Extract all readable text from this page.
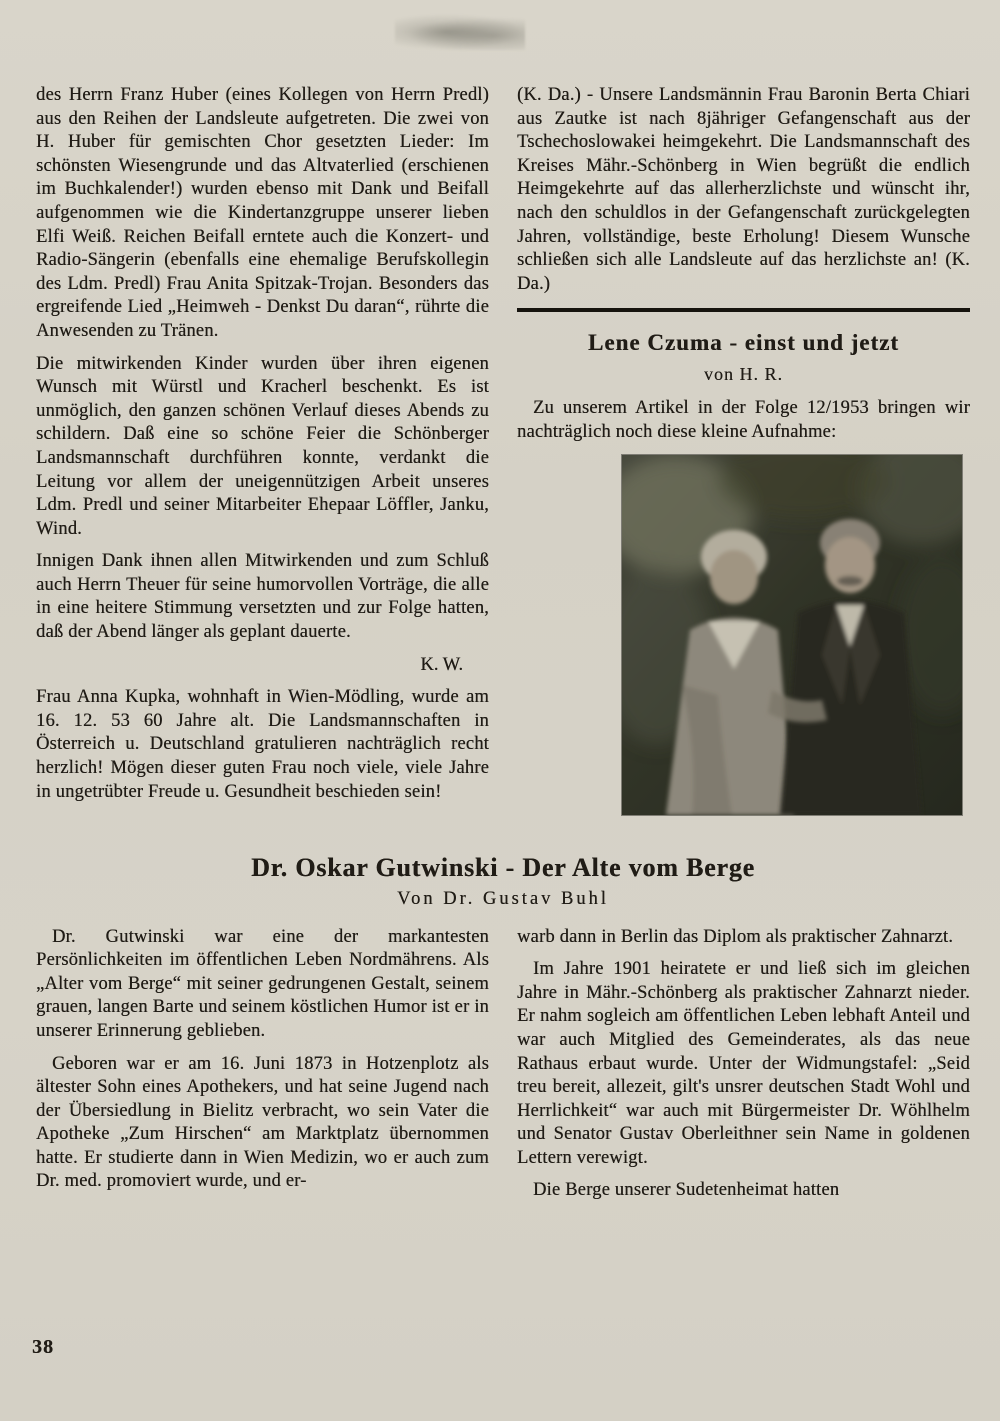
des Herrn Franz Huber (eines Kollegen von Herrn Predl) aus den Reihen der Landsleute aufgetreten. Die zwei von H. Huber für gemischten Chor gesetzten Lieder: Im schönsten Wiesengrunde und das Altvaterlied (erschienen im Buchkalender!) wurden ebenso mit Dank und Beifall aufgenommen wie die Kindertanzgruppe unserer lieben Elfi Weiß. Reichen Beifall erntete auch die Konzert- und Radio-Sängerin (ebenfalls eine ehemalige Berufskollegin des Ldm. Predl) Frau Anita Spitzak-Trojan. Besonders das ergreifende Lied „Heimweh - Denkst Du daran“, rührte die Anwesenden zu Tränen.

Die mitwirkenden Kinder wurden über ihren eigenen Wunsch mit Würstl und Kracherl beschenkt. Es ist unmöglich, den ganzen schönen Verlauf dieses Abends zu schildern. Daß eine so schöne Feier die Schönberger Landsmannschaft durchführen konnte, verdankt die Leitung vor allem der uneigennützigen Arbeit unseres Ldm. Predl und seiner Mitarbeiter Ehepaar Löffler, Janku, Wind.

Innigen Dank ihnen allen Mitwirkenden und zum Schluß auch Herrn Theuer für seine humorvollen Vorträge, die alle in eine heitere Stimmung versetzten und zur Folge hatten, daß der Abend länger als geplant dauerte.

K. W.

Frau Anna Kupka, wohnhaft in Wien-Mödling, wurde am 16. 12. 53 60 Jahre alt. Die Landsmannschaften in Österreich u. Deutschland gratulieren nachträglich recht herzlich! Mögen dieser guten Frau noch viele, viele Jahre in ungetrübter Freude u. Gesundheit beschieden sein!

(K. Da.) - Unsere Landsmännin Frau Baronin Berta Chiari aus Zautke ist nach 8jähriger Gefangenschaft aus der Tschechoslowakei heimgekehrt. Die Landsmannschaft des Kreises Mähr.-Schönberg in Wien begrüßt die endlich Heimgekehrte auf das allerherzlichste und wünscht ihr, nach den schuldlos in der Gefangenschaft zurückgelegten Jahren, vollständige, beste Erholung! Diesem Wunsche schließen sich alle Landsleute auf das herzlichste an! (K. Da.)

Lene Czuma - einst und jetzt
von H. R.

Zu unserem Artikel in der Folge 12/1953 bringen wir nachträglich noch diese kleine Aufnahme:

Dr. Oskar Gutwinski - Der Alte vom Berge
Von Dr. Gustav Buhl

Dr. Gutwinski war eine der markantesten Persönlichkeiten im öffentlichen Leben Nordmährens. Als „Alter vom Berge“ mit seiner gedrungenen Gestalt, seinem grauen, langen Barte und seinem köstlichen Humor ist er in unserer Erinnerung geblieben.

Geboren war er am 16. Juni 1873 in Hotzenplotz als ältester Sohn eines Apothekers, und hat seine Jugend nach der Übersiedlung in Bielitz verbracht, wo sein Vater die Apotheke „Zum Hirschen“ am Marktplatz übernommen hatte. Er studierte dann in Wien Medizin, wo er auch zum Dr. med. promoviert wurde, und er-

warb dann in Berlin das Diplom als praktischer Zahnarzt.

Im Jahre 1901 heiratete er und ließ sich im gleichen Jahre in Mähr.-Schönberg als praktischer Zahnarzt nieder. Er nahm sogleich am öffentlichen Leben lebhaft Anteil und war auch Mitglied des Gemeinderates, als das neue Rathaus erbaut wurde. Unter der Widmungstafel: „Seid treu bereit, allezeit, gilt's unsrer deutschen Stadt Wohl und Herrlichkeit“ war auch mit Bürgermeister Dr. Wöhlhelm und Senator Gustav Oberleithner sein Name in goldenen Lettern verewigt.

Die Berge unserer Sudetenheimat hatten

38
